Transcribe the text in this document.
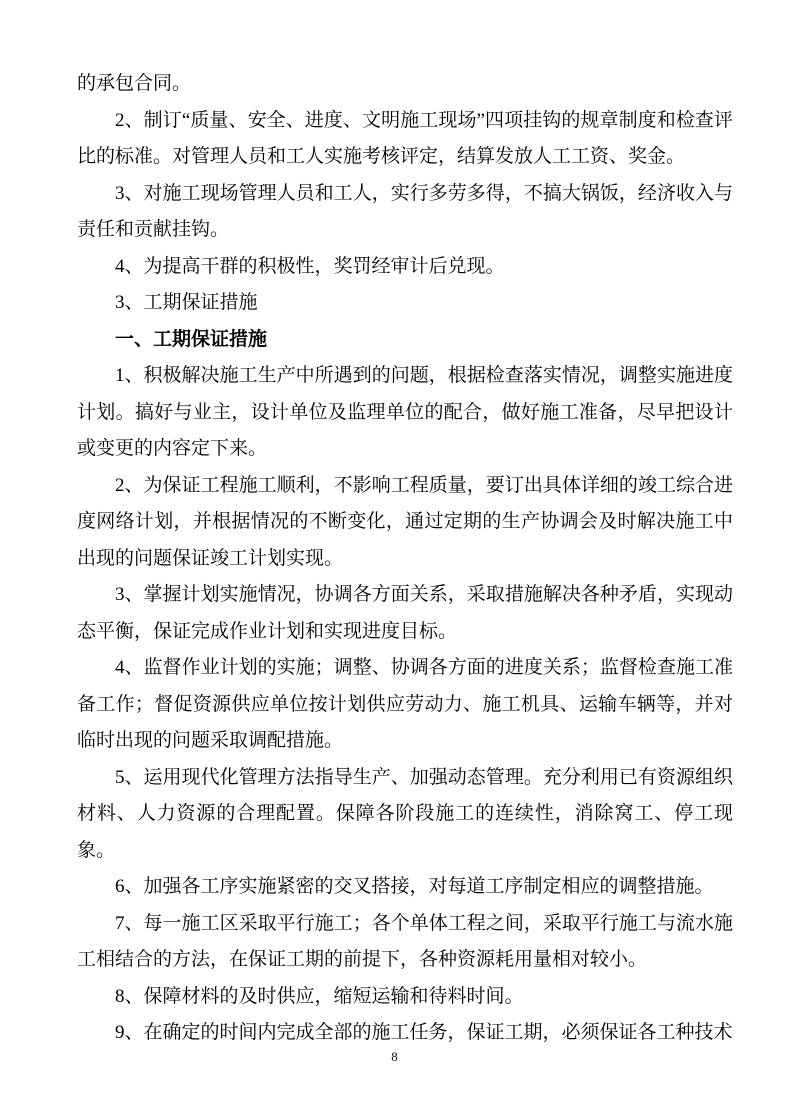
的承包合同。

2、制订“质量、安全、进度、文明施工现场”四项挂钩的规章制度和检查评比的标准。对管理人员和工人实施考核评定，结算发放人工工资、奖金。

3、对施工现场管理人员和工人，实行多劳多得，不搞大锅饭，经济收入与责任和贡献挂钩。

4、为提高干群的积极性，奖罚经审计后兑现。

3、工期保证措施

一、工期保证措施

1、积极解决施工生产中所遇到的问题，根据检查落实情况，调整实施进度计划。搞好与业主，设计单位及监理单位的配合，做好施工准备，尽早把设计或变更的内容定下来。

2、为保证工程施工顺利，不影响工程质量，要订出具体详细的竣工综合进度网络计划，并根据情况的不断变化，通过定期的生产协调会及时解决施工中出现的问题保证竣工计划实现。

3、掌握计划实施情况，协调各方面关系，采取措施解决各种矛盾，实现动态平衡，保证完成作业计划和实现进度目标。

4、监督作业计划的实施；调整、协调各方面的进度关系；监督检查施工准备工作；督促资源供应单位按计划供应劳动力、施工机具、运输车辆等，并对临时出现的问题采取调配措施。

5、运用现代化管理方法指导生产、加强动态管理。充分利用已有资源组织材料、人力资源的合理配置。保障各阶段施工的连续性，消除窝工、停工现象。

6、加强各工序实施紧密的交叉搭接，对每道工序制定相应的调整措施。

7、每一施工区采取平行施工；各个单体工程之间，采取平行施工与流水施工相结合的方法，在保证工期的前提下，各种资源耗用量相对较小。

8、保障材料的及时供应，缩短运输和待料时间。

9、在确定的时间内完成全部的施工任务，保证工期，必须保证各工种技术

8
